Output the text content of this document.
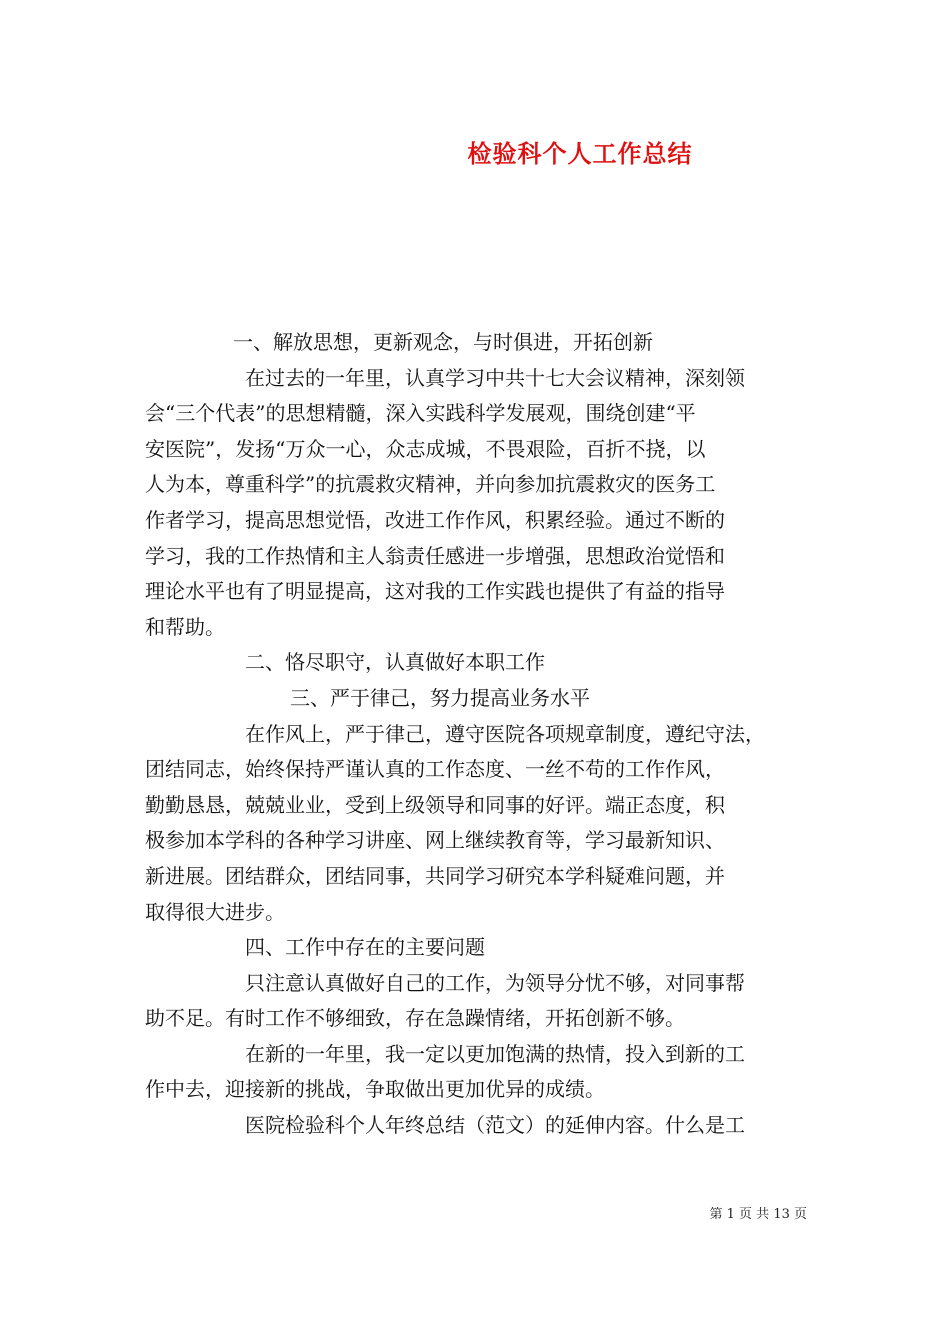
检验科个人工作总结
一、解放思想，更新观念，与时俱进，开拓创新
在过去的一年里，认真学习中共十七大会议精神，深刻领
会“三个代表”的思想精髓，深入实践科学发展观，围绕创建“平
安医院”，发扬“万众一心，众志成城，不畏艰险，百折不挠，以
人为本，尊重科学”的抗震救灾精神，并向参加抗震救灾的医务工
作者学习，提高思想觉悟，改进工作作风，积累经验。通过不断的
学习，我的工作热情和主人翁责任感进一步增强，思想政治觉悟和
理论水平也有了明显提高，这对我的工作实践也提供了有益的指导
和帮助。
二、恪尽职守，认真做好本职工作
三、严于律己，努力提高业务水平
在作风上，严于律己，遵守医院各项规章制度，遵纪守法，
团结同志，始终保持严谨认真的工作态度、一丝不苟的工作作风，
勤勤恳恳，兢兢业业，受到上级领导和同事的好评。端正态度，积
极参加本学科的各种学习讲座、网上继续教育等，学习最新知识、
新进展。团结群众，团结同事，共同学习研究本学科疑难问题，并
取得很大进步。
四、工作中存在的主要问题
只注意认真做好自己的工作，为领导分忧不够，对同事帮
助不足。有时工作不够细致，存在急躁情绪，开拓创新不够。
在新的一年里，我一定以更加饱满的热情，投入到新的工
作中去，迎接新的挑战，争取做出更加优异的成绩。
医院检验科个人年终总结（范文）的延伸内容。什么是工
第 1 页 共 13 页
